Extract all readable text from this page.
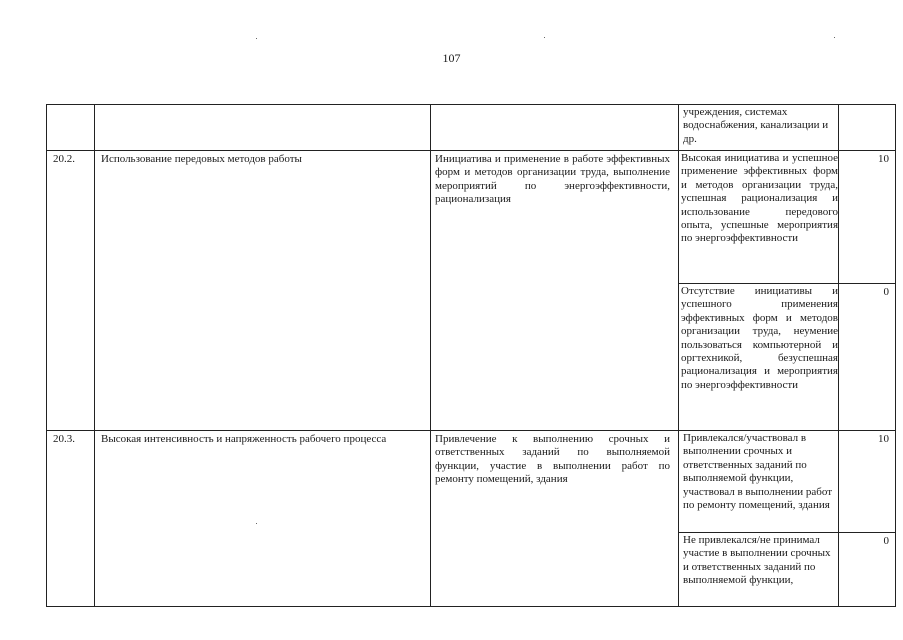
107
			учреждения, системах водоснабжения, канализации и др.	
20.2.	Использование передовых методов работы	Инициатива и применение в работе эффективных форм и методов организации труда, выполнение мероприятий по энергоэффективности, рационализация	Высокая инициатива и успешное применение эффективных форм и методов организации труда, успешная рационализация и использование передового опыта, успешные мероприятия по энергоэффективности	10
			Отсутствие инициативы и успешного применения эффективных форм и методов организации труда, неумение пользоваться компьютерной и оргтехникой, безуспешная рационализация и мероприятия по энергоэффективности	0
20.3.	Высокая интенсивность и напряженность рабочего процесса	Привлечение к выполнению срочных и ответственных заданий по выполняемой функции, участие в выполнении работ по ремонту помещений, здания	Привлекался/участвовал в выполнении срочных и ответственных заданий по выполняемой функции, участвовал в выполнении работ по ремонту помещений, здания	10
			Не привлекался/не принимал участие в выполнении срочных и ответственных заданий по выполняемой функции,	0
